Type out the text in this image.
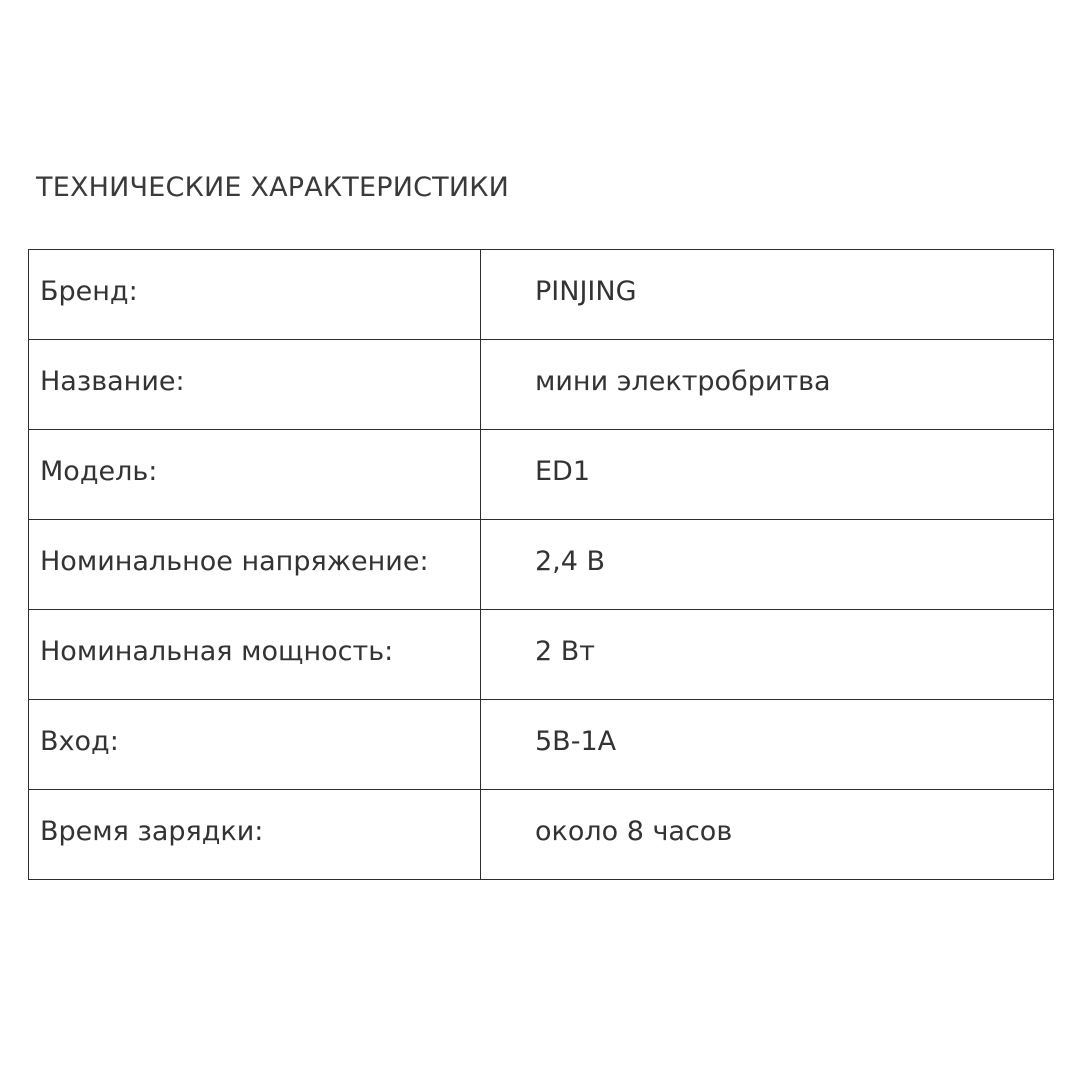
ТЕХНИЧЕСКИЕ ХАРАКТЕРИСТИКИ
Бренд:	PINJING

Название:	мини электробритва

Модель:	ED1

Номинальное напряжение:	2,4 В

Номинальная мощность:	2 Вт

Вход:	5В-1А

Время зарядки:	около 8 часов
